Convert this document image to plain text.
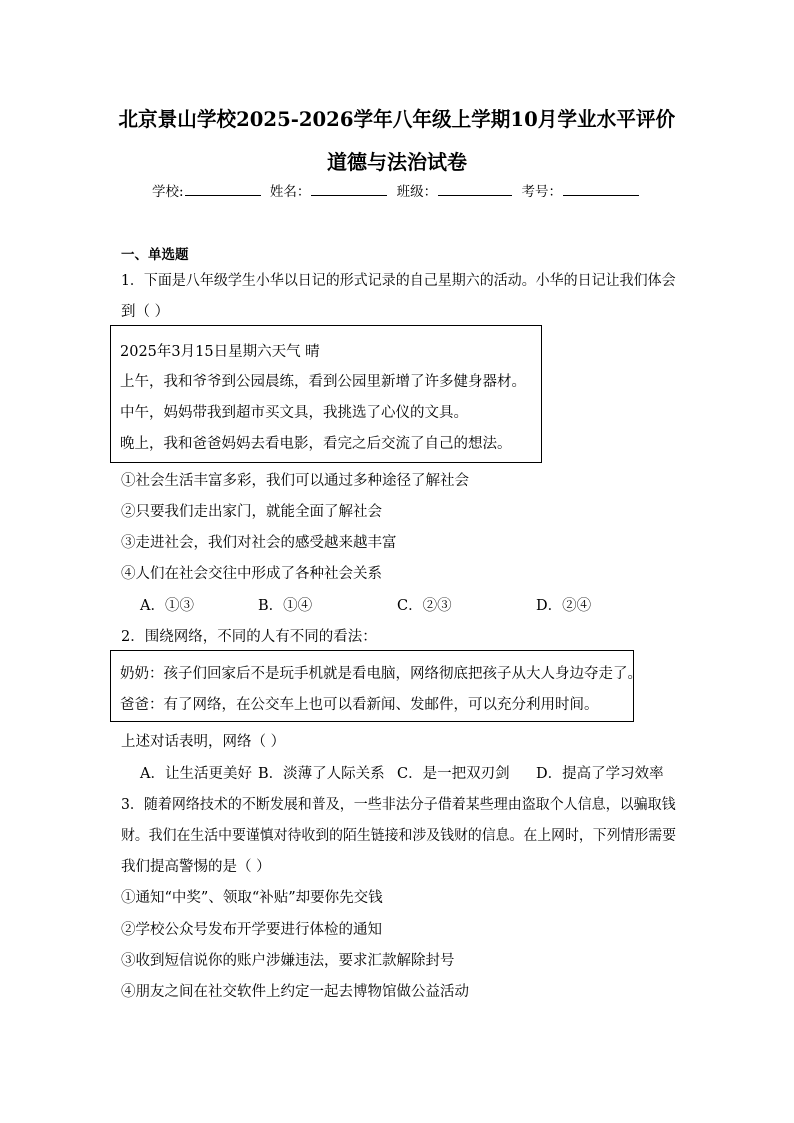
北京景山学校2025-2026学年八年级上学期10月学业水平评价
道德与法治试卷
学校:	姓名：	班级：	考号：
一、单选题
1．下面是八年级学生小华以日记的形式记录的自己星期六的活动。小华的日记让我们体会
到（ ）
2025年3月15日星期六天气 晴
上午，我和爷爷到公园晨练，看到公园里新增了许多健身器材。
中午，妈妈带我到超市买文具，我挑选了心仪的文具。
晚上，我和爸爸妈妈去看电影，看完之后交流了自己的想法。
①社会生活丰富多彩，我们可以通过多种途径了解社会
②只要我们走出家门，就能全面了解社会
③走进社会，我们对社会的感受越来越丰富
④人们在社会交往中形成了各种社会关系
A．①③	B．①④	C．②③	D．②④
2．围绕网络，不同的人有不同的看法：
奶奶：孩子们回家后不是玩手机就是看电脑，网络彻底把孩子从大人身边夺走了。
爸爸：有了网络，在公交车上也可以看新闻、发邮件，可以充分利用时间。
上述对话表明，网络（ ）
A．让生活更美好 B．淡薄了人际关系 C．是一把双刃剑 D．提高了学习效率
3．随着网络技术的不断发展和普及，一些非法分子借着某些理由盗取个人信息，以骗取钱
财。我们在生活中要谨慎对待收到的陌生链接和涉及钱财的信息。在上网时，下列情形需要
我们提高警惕的是（ ）
①通知“中奖”、领取“补贴”却要你先交钱
②学校公众号发布开学要进行体检的通知
③收到短信说你的账户涉嫌违法，要求汇款解除封号
④朋友之间在社交软件上约定一起去博物馆做公益活动
